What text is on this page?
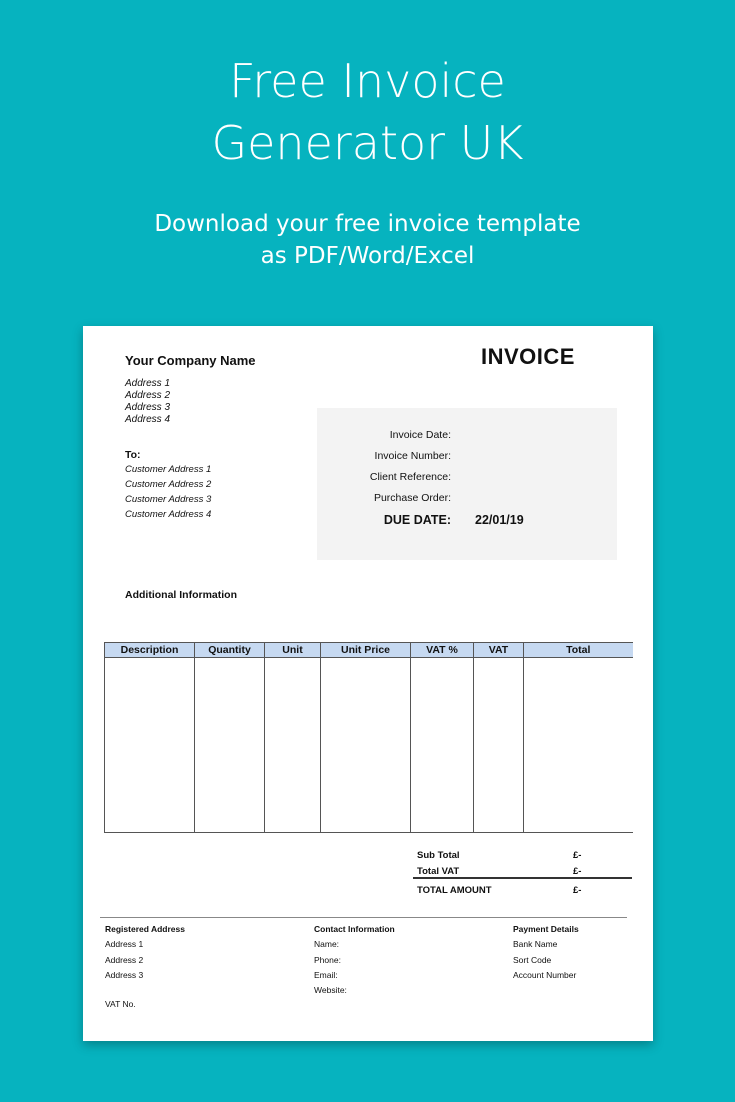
Free Invoice
Generator UK
Download your free invoice template
as PDF/Word/Excel
Your Company Name	INVOICE
Address 1
Address 2
Address 3
Address 4
To:
Customer Address 1
Customer Address 2
Customer Address 3
Customer Address 4
Invoice Date:
Invoice Number:
Client Reference:
Purchase Order:
DUE DATE: 22/01/19
Additional Information
Description	Quantity	Unit	Unit Price	VAT %	VAT	Total

Sub Total	£-
Total VAT	£-
TOTAL AMOUNT	£-
Registered Address
Address 1
Address 2
Address 3
Contact Information
Name:
Phone:
Email:
Website:
Payment Details
Bank Name
Sort Code
Account Number
VAT No.
